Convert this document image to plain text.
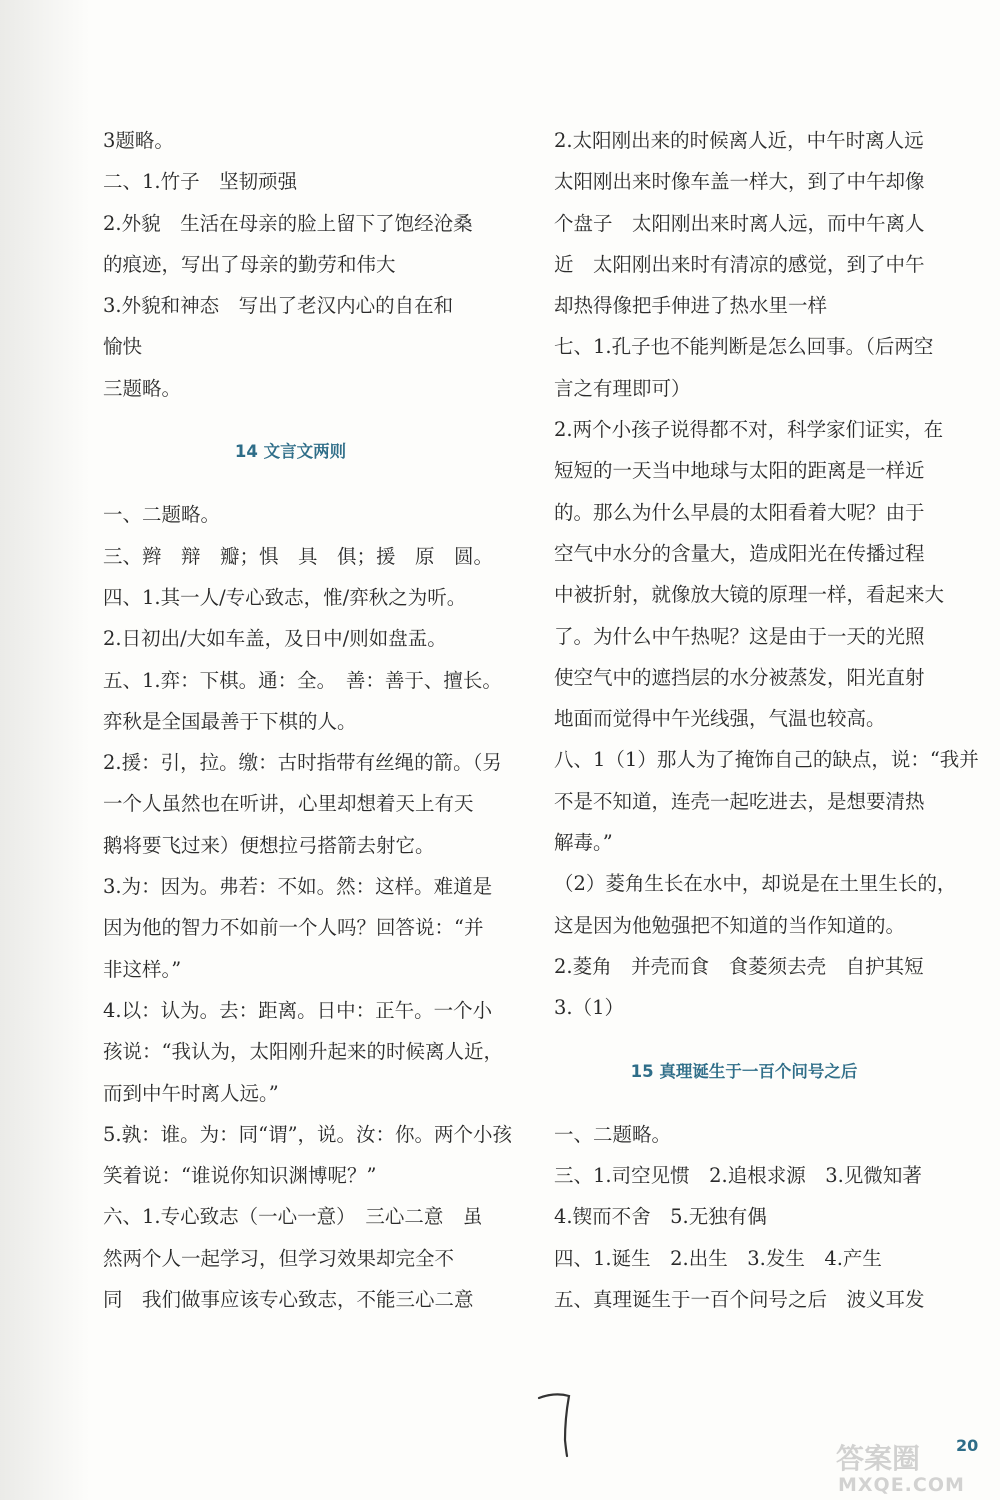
3题略。
二、1.竹子　坚韧顽强
2.外貌　生活在母亲的脸上留下了饱经沧桑
的痕迹，写出了母亲的勤劳和伟大
3.外貌和神态　写出了老汉内心的自在和
愉快
三题略。
14 文言文两则
一、二题略。
三、辫　辩　瓣；惧　具　俱；援　原　圆。
四、1.其一人/专心致志，惟/弈秋之为听。
2.日初出/大如车盖，及日中/则如盘盂。
五、1.弈：下棋。通：全。　善：善于、擅长。
弈秋是全国最善于下棋的人。
2.援：引，拉。缴：古时指带有丝绳的箭。（另
一个人虽然也在听讲，心里却想着天上有天
鹅将要飞过来）便想拉弓搭箭去射它。
3.为：因为。弗若：不如。然：这样。难道是
因为他的智力不如前一个人吗？回答说：“并
非这样。”
4.以：认为。去：距离。日中：正午。一个小
孩说：“我认为，太阳刚升起来的时候离人近，
而到中午时离人远。”
5.孰：谁。为：同“谓”，说。汝：你。两个小孩
笑着说：“谁说你知识渊博呢？”
六、1.专心致志（一心一意）　三心二意　虽
然两个人一起学习，但学习效果却完全不
同　我们做事应该专心致志，不能三心二意
2.太阳刚出来的时候离人近，中午时离人远
太阳刚出来时像车盖一样大，到了中午却像
个盘子　太阳刚出来时离人远，而中午离人
近　太阳刚出来时有清凉的感觉，到了中午
却热得像把手伸进了热水里一样
七、1.孔子也不能判断是怎么回事。（后两空
言之有理即可）
2.两个小孩子说得都不对，科学家们证实，在
短短的一天当中地球与太阳的距离是一样近
的。那么为什么早晨的太阳看着大呢？由于
空气中水分的含量大，造成阳光在传播过程
中被折射，就像放大镜的原理一样，看起来大
了。为什么中午热呢？这是由于一天的光照
使空气中的遮挡层的水分被蒸发，阳光直射
地面而觉得中午光线强，气温也较高。
八、1（1）那人为了掩饰自己的缺点，说：“我并
不是不知道，连壳一起吃进去，是想要清热
解毒。”
（2）菱角生长在水中，却说是在土里生长的，
这是因为他勉强把不知道的当作知道的。
2.菱角　并壳而食　食菱须去壳　自护其短
3.（1）
15 真理诞生于一百个问号之后
一、二题略。
三、1.司空见惯　2.追根求源　3.见微知著
4.锲而不舍　5.无独有偶
四、1.诞生　2.出生　3.发生　4.产生
五、真理诞生于一百个问号之后　波义耳发
20
答案圈
MXQE.COM
